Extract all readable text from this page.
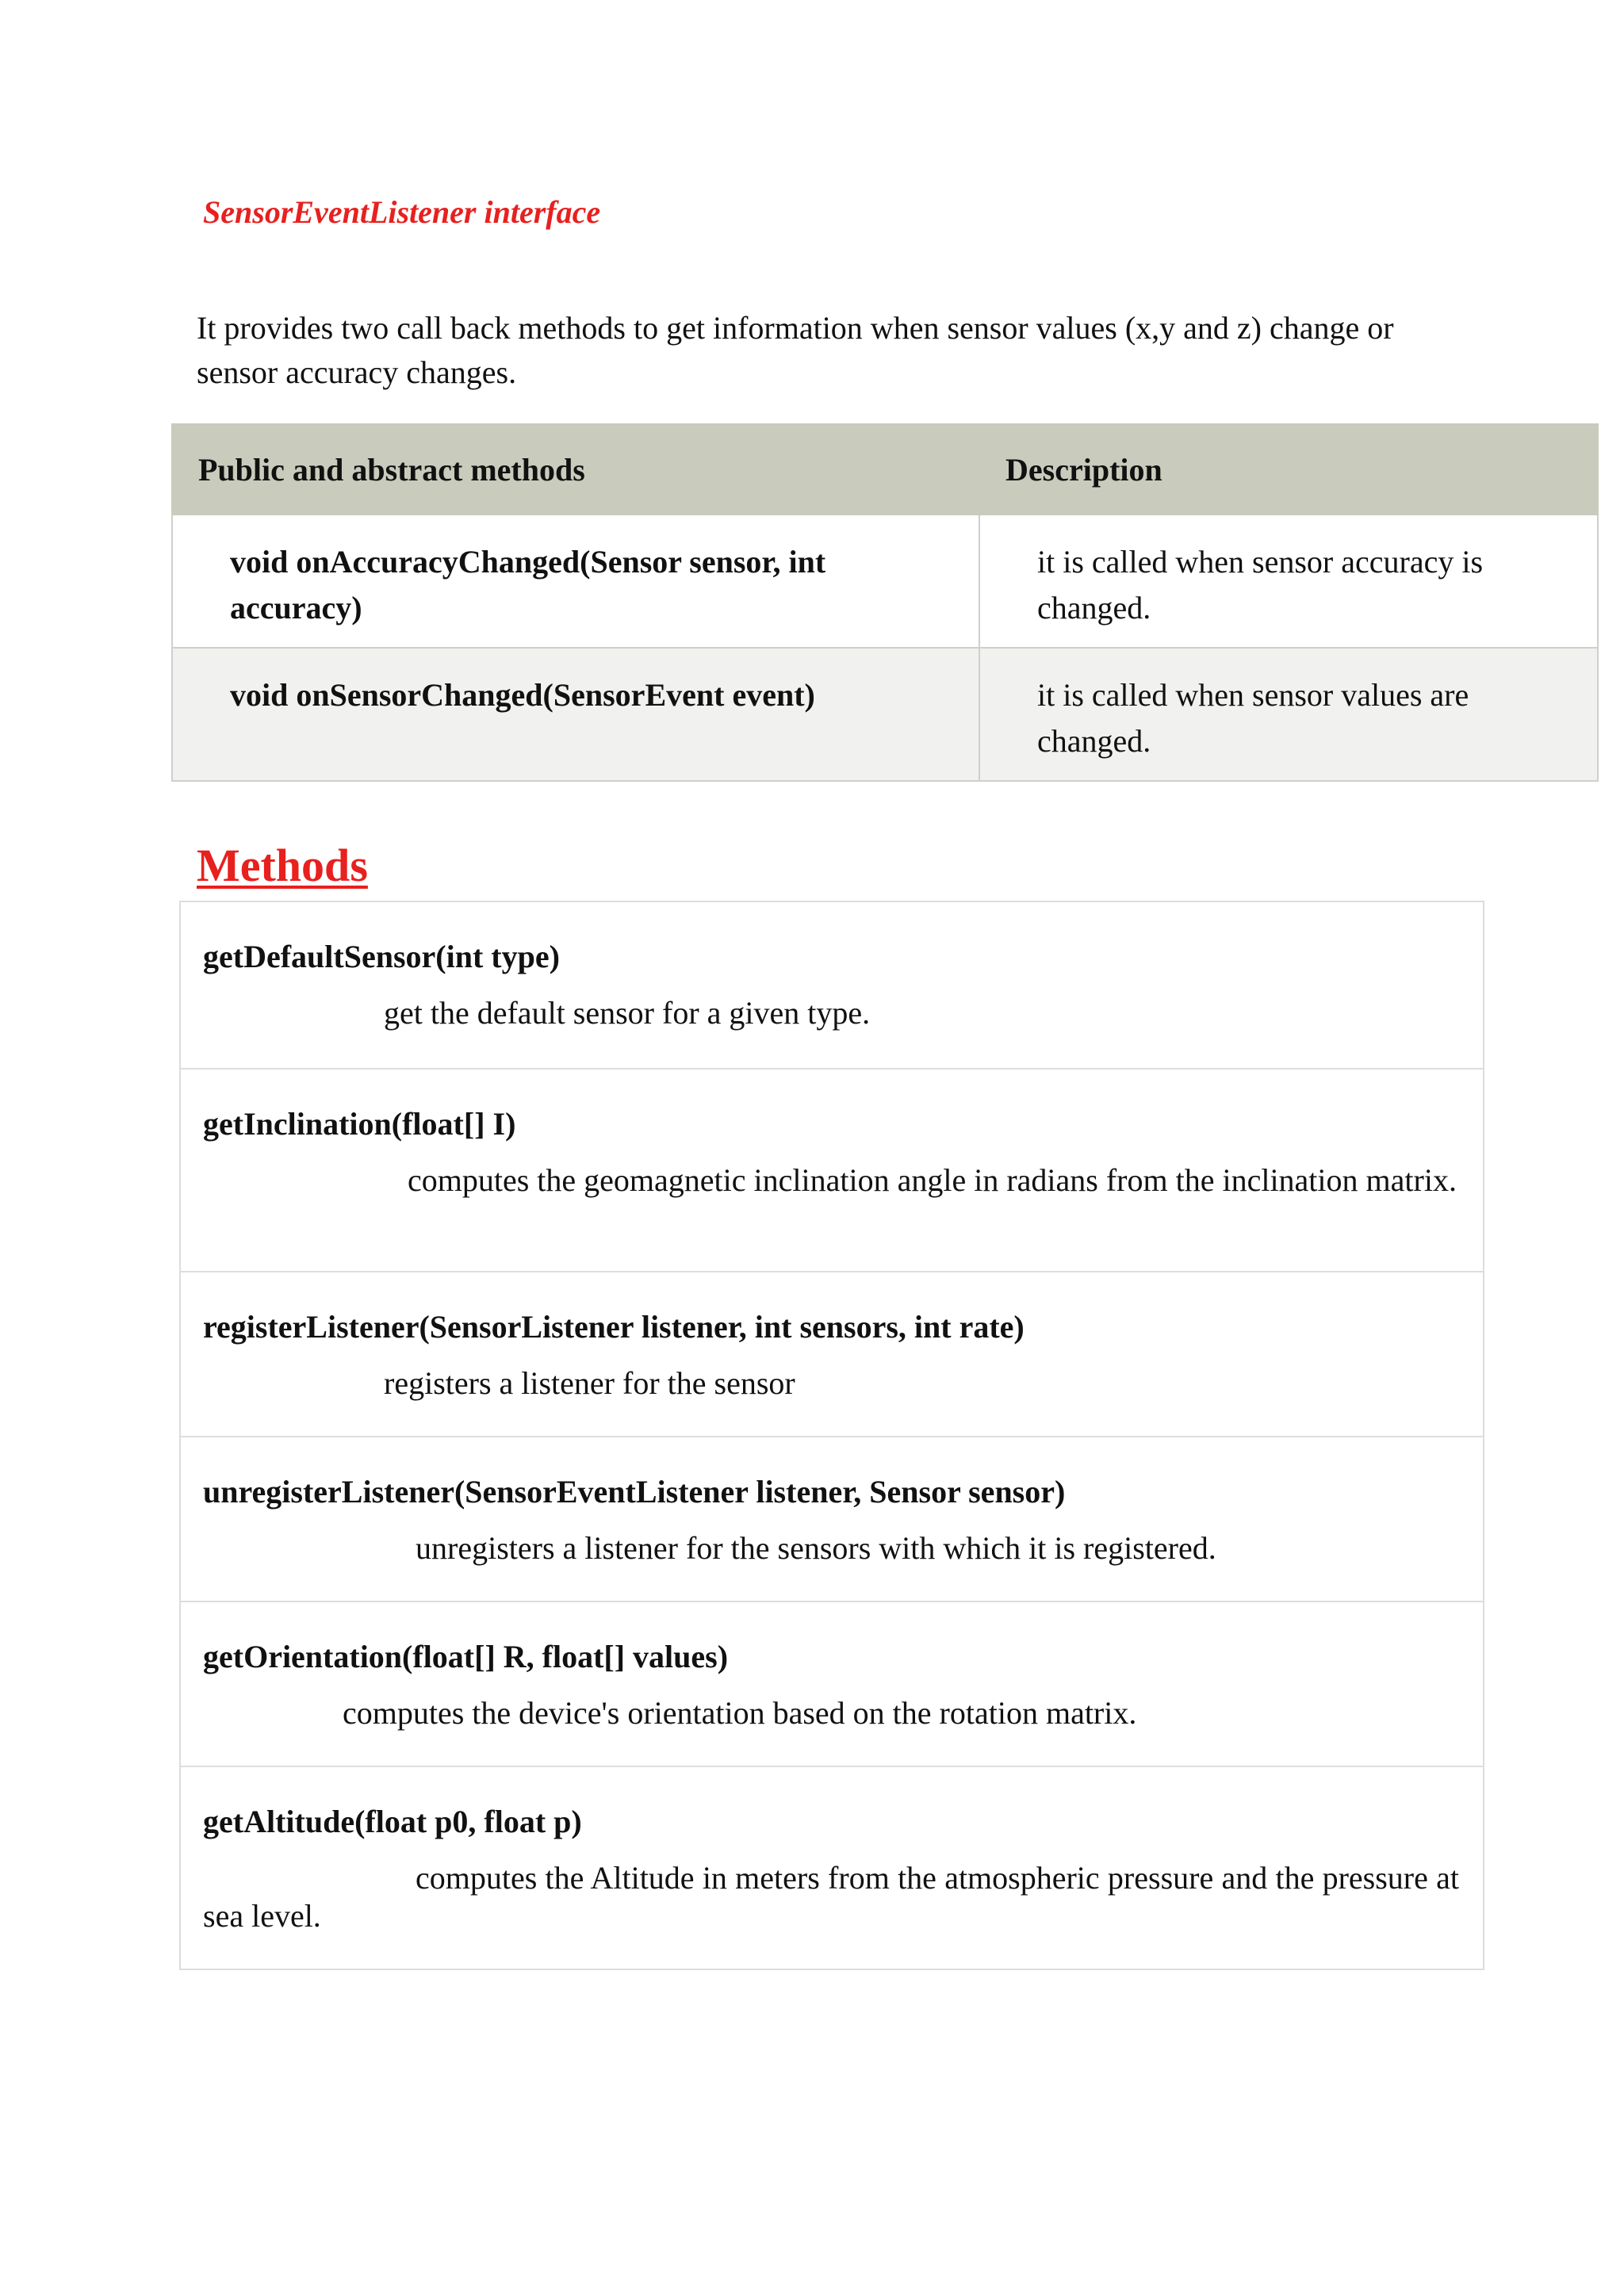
SensorEventListener interface

It provides two call back methods to get information when sensor values (x,y and z) change or sensor accuracy changes.

Public and abstract methods	Description
void onAccuracyChanged(Sensor sensor, int accuracy)	it is called when sensor accuracy is changed.
void onSensorChanged(SensorEvent event)	it is called when sensor values are changed.
Methods
getDefaultSensor(int type)
get the default sensor for a given type.
getInclination(float[] I)
computes the geomagnetic inclination angle in radians from the inclination matrix.
registerListener(SensorListener listener, int sensors, int rate)
registers a listener for the sensor
unregisterListener(SensorEventListener listener, Sensor sensor)
unregisters a listener for the sensors with which it is registered.
getOrientation(float[] R, float[] values)
computes the device's orientation based on the rotation matrix.
getAltitude(float p0, float p)
computes the Altitude in meters from the atmospheric pressure and the pressure at sea level.
